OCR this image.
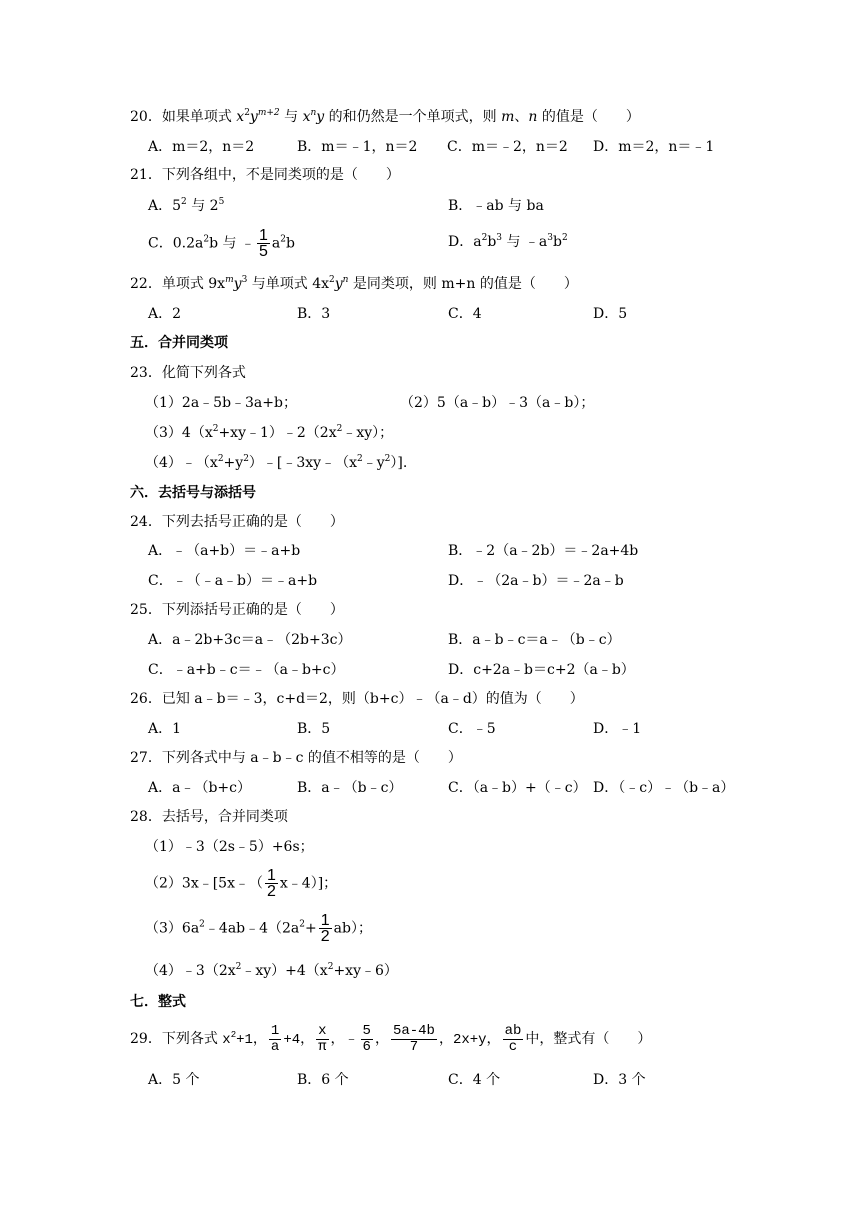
20．如果单项式 $x^2y^{m+2}$ 与 $x^ny$ 的和仍然是一个单项式，则 m、n 的值是（　　）
A．m＝2，n＝2	B．m＝﹣1，n＝2 C．m＝﹣2，n＝2 D．m＝2，n＝﹣1
21．下列各组中，不是同类项的是（　　）
A．$5^2$ 与 $2^5$	B．﹣ab 与 ba
C．$0.2a^2b$ 与 ﹣ $\frac{1}{5} a^2b$	D．$a^2b^3$ 与 $﹣a^3b^2$
22．单项式 $9x^my^3$ 与单项式 $4x^2y^n$ 是同类项，则 m+n 的值是（　　）
A．2	B．3	C．4	D．5
五．合并同类项
23．化简下列各式
（1）2a﹣5b﹣3a+b；	（2）5（a﹣b）﹣3（a﹣b）；
$(3)4(x^2+xy﹣1)﹣2(2x^2﹣xy)$；
$(4)﹣(x^2+y^2)﹣[﹣3xy﹣(x^2﹣y^2)]$.
六．去括号与添括号
24．下列去括号正确的是（　　）
A．﹣（a+b）＝﹣a+b	B．﹣2（a﹣2b）＝﹣2a+4b
C．﹣（﹣a﹣b）＝﹣a+b	D．﹣（2a﹣b）＝﹣2a﹣b
25．下列添括号正确的是（　　）
A．a﹣2b+3c＝a﹣（2b+3c）	B．a﹣b﹣c＝a﹣（b﹣c）
C．﹣a+b﹣c＝﹣（a﹣b+c）	D．c+2a﹣b＝c+2（a﹣b）
26．已知 a﹣b＝﹣3，c+d＝2，则（b+c）﹣（a﹣d）的值为（　　）
A．1	B．5	C．﹣5	D．﹣1
27．下列各式中与 a﹣b﹣c 的值不相等的是（　　）
A．a﹣（b+c）	B．a﹣（b﹣c）	C．（a﹣b）+（﹣c） D．（﹣c）﹣（b﹣a）
28．去括号，合并同类项
（1）﹣3（2s﹣5）+6s；
（2）3x﹣[5x﹣（ $\frac{1}{2}$ x﹣4）]；
$(3)6a^2﹣4ab﹣4(2a^2+ \frac{1}{2} ab)$；
$(4)﹣3(2x^2﹣xy)+4(x^2+xy﹣6)$
七．整式
29．下列各式 $x^2+1$， $\frac{1}{a} +4$， $\frac{x}{\pi}$ ，﹣ $\frac{5}{6}$ ， $\frac{5a-4b}{7}$ ，2x+y， $\frac{ab}{c}$ 中，整式有（　　）
A．5 个	B．6 个	C．4 个	D．3 个
